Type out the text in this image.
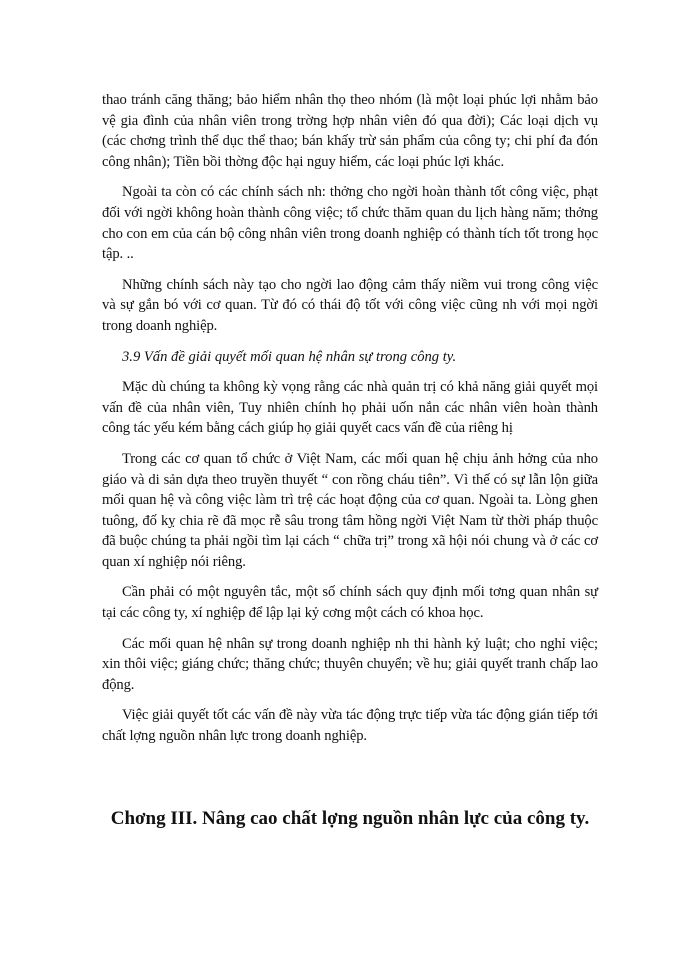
thao tránh căng thăng; bảo hiểm nhân thọ theo nhóm (là một loại phúc lợi nhằm bảo vệ gia đình của nhân viên trong trờng hợp nhân viên đó qua đời); Các loại dịch vụ (các chơng trình thể dục thể thao; bán khấy trừ sản phẩm của công ty; chi phí đa đón công nhân); Tiền bồi thờng độc hại nguy hiểm, các loại phúc lợi khác.

Ngoài ta còn có các chính sách nh: thởng cho ngời hoàn thành tốt công việc, phạt đối với ngời không hoàn thành công việc; tổ chức thăm quan du lịch hàng năm; thởng cho con em của cán bộ công nhân viên trong doanh nghiệp có thành tích tốt trong học tập. ..

Những chính sách này tạo cho ngời lao động cảm thấy niềm vui trong công việc và sự gắn bó với cơ quan. Từ đó có thái độ tốt với công việc cũng nh với mọi ngời trong doanh nghiệp.

3.9 Vấn đề giải quyết mối quan hệ nhân sự trong công ty.

Mặc dù chúng ta không kỳ vọng rằng các nhà quản trị có khả năng giải quyết mọi vấn đề của nhân viên, Tuy nhiên chính họ phải uốn nắn các nhân viên hoàn thành công tác yếu kém bằng cách giúp họ giải quyết cacs vấn đề của riêng hị

Trong các cơ quan tổ chức ở Việt Nam, các mối quan hệ chịu ảnh hởng của nho giáo và di sản dựa theo truyền thuyết “ con rồng cháu tiên”. Vì thế có sự lẫn lộn giữa mối quan hệ và công việc làm trì trệ các hoạt động của cơ quan. Ngoài ta. Lòng ghen tuông, đố kỵ chia rẽ đã mọc rễ sâu trong tâm hồng ngời Việt Nam từ thời pháp thuộc đã buộc chúng ta phải ngồi tìm lại cách “ chữa trị” trong xã hội nói chung và ở các cơ quan xí nghiệp nói riêng.

Cần phải có một nguyên tắc, một số chính sách quy định mối tơng quan nhân sự tại các công ty, xí nghiệp để lập lại kỷ cơng một cách có khoa học.

Các mối quan hệ nhân sự trong doanh nghiệp nh thi hành kỷ luật; cho nghỉ việc; xin thôi việc; giáng chức; thăng chức; thuyên chuyển; về hu; giải quyết tranh chấp lao động.

Việc giải quyết tốt các vấn đề này vừa tác động trực tiếp vừa tác động gián tiếp tới chất lợng nguồn nhân lực trong doanh nghiệp.

Chơng III. Nâng cao chất lợng nguồn nhân lực của công ty.
